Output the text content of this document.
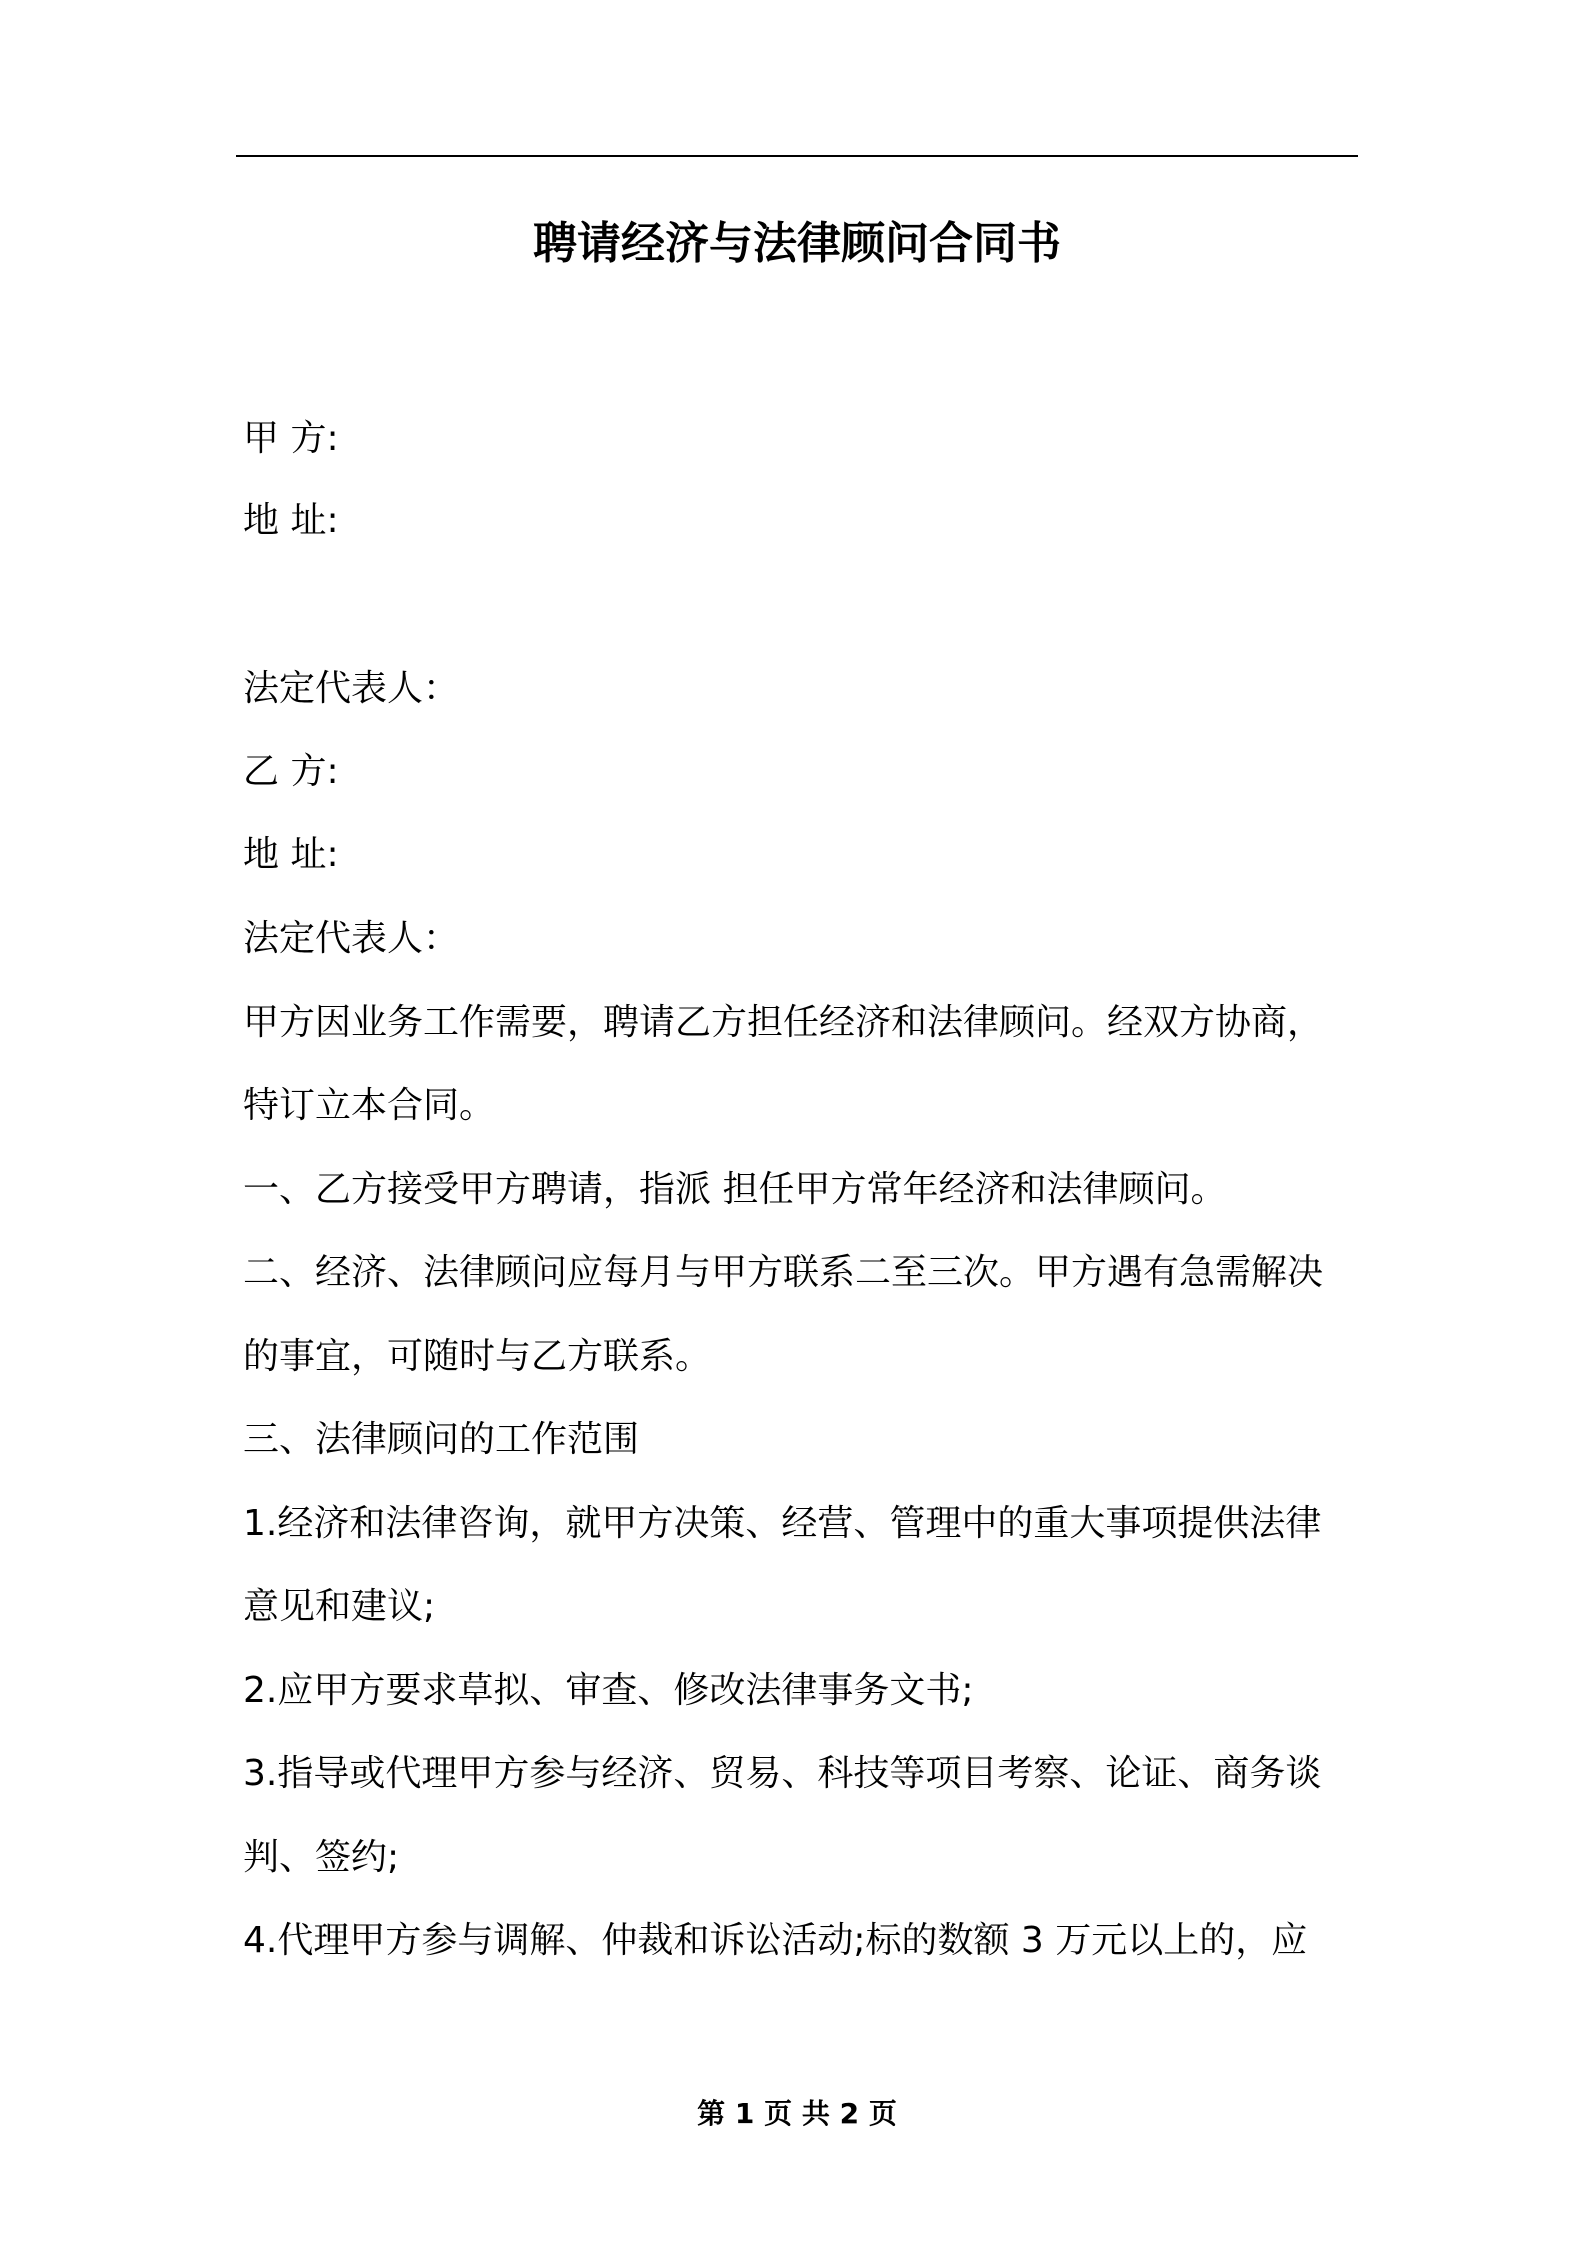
聘请经济与法律顾问合同书
甲 方:
地 址:
法定代表人：
乙 方:
地 址:
法定代表人：
甲方因业务工作需要，聘请乙方担任经济和法律顾问。经双方协商，
特订立本合同。
一、乙方接受甲方聘请，指派 担任甲方常年经济和法律顾问。
二、经济、法律顾问应每月与甲方联系二至三次。甲方遇有急需解决
的事宜，可随时与乙方联系。
三、法律顾问的工作范围
1.经济和法律咨询，就甲方决策、经营、管理中的重大事项提供法律
意见和建议;
2.应甲方要求草拟、审查、修改法律事务文书;
3.指导或代理甲方参与经济、贸易、科技等项目考察、论证、商务谈
判、签约;
4.代理甲方参与调解、仲裁和诉讼活动;标的数额 3 万元以上的，应
第 1 页 共 2 页
